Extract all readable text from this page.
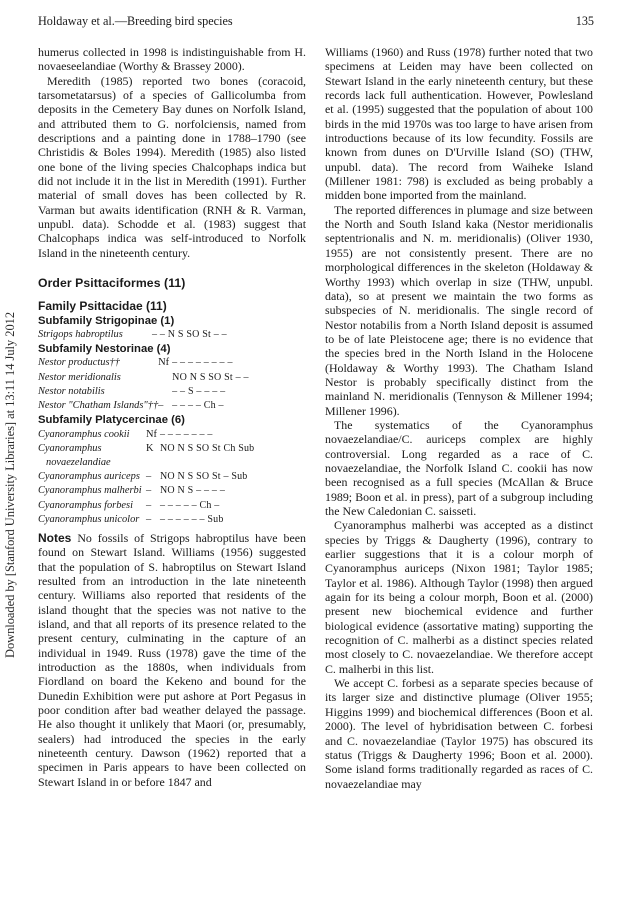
Holdaway et al.—Breeding bird species	135
Downloaded by [Stanford University Libraries] at 13:11 14 July 2012

humerus collected in 1998 is indistinguishable from H. novaeseelandiae (Worthy & Brassey 2000).

Meredith (1985) reported two bones (coracoid, tarsometatarsus) of a species of Gallicolumba from deposits in the Cemetery Bay dunes on Norfolk Island, and attributed them to G. norfolciensis, named from descriptions and a painting done in 1788–1790 (see Christidis & Boles 1994). Meredith (1985) also listed one bone of the living species Chalcophaps indica but did not include it in the list in Meredith (1991). Further material of small doves has been collected by R. Varman but awaits identification (RNH & R. Varman, unpubl. data). Schodde et al. (1983) suggest that Chalcophaps indica was self-introduced to Norfolk Island in the nineteenth century.

Order Psittaciformes (11)
Family Psittacidae (11)
Subfamily Strigopinae (1)
Strigops habroptilus		– – N S SO St – –
Subfamily Nestorinae (4)
Nestor productus††	Nf	– – – – – – – –
Nestor meridionalis		NO N S SO St – –
Nestor notabilis		– – S – – – –
Nestor "Chatham Islands"††	–	– – – – Ch –
Subfamily Platycercinae (6)
Cyanoramphus cookii	Nf	– – – – – – –
Cyanoramphus	K	NO N S SO St Ch Sub
novaezelandiae		
Cyanoramphus auriceps	–	NO N S SO St – Sub
Cyanoramphus malherbi	–	NO N S – – – –
Cyanoramphus forbesi	–	– – – – – Ch –
Cyanoramphus unicolor	–	– – – – – – Sub

Notes No fossils of Strigops habroptilus have been found on Stewart Island. Williams (1956) suggested that the population of S. habroptilus on Stewart Island resulted from an introduction in the late nineteenth century. Williams also reported that residents of the island thought that the species was not native to the island, and that all reports of its presence related to the present century, culminating in the capture of an individual in 1949. Russ (1978) gave the time of the introduction as the 1880s, when individuals from Fiordland on board the Kekeno and bound for the Dunedin Exhibition were put ashore at Port Pegasus in poor condition after bad weather delayed the passage. He also thought it unlikely that Maori (or, presumably, sealers) had introduced the species in the early nineteenth century. Dawson (1962) reported that a specimen in Paris appears to have been collected on Stewart Island in or before 1847 and

Williams (1960) and Russ (1978) further noted that two specimens at Leiden may have been collected on Stewart Island in the early nineteenth century, but these records lack full authentication. However, Powlesland et al. (1995) suggested that the population of about 100 birds in the mid 1970s was too large to have arisen from introductions because of its low fecundity. Fossils are known from dunes on D'Urville Island (SO) (THW, unpubl. data). The record from Waiheke Island (Millener 1981: 798) is excluded as being probably a midden bone imported from the mainland.

The reported differences in plumage and size between the North and South Island kaka (Nestor meridionalis septentrionalis and N. m. meridionalis) (Oliver 1930, 1955) are not consistently present. There are no morphological differences in the skeleton (Holdaway & Worthy 1993) which overlap in size (THW, unpubl. data), so at present we maintain the two forms as subspecies of N. meridionalis. The single record of Nestor notabilis from a North Island deposit is assumed to be of late Pleistocene age; there is no evidence that the species bred in the North Island in the Holocene (Holdaway & Worthy 1993). The Chatham Island Nestor is probably specifically distinct from the mainland N. meridionalis (Tennyson & Millener 1994; Millener 1996).

The systematics of the Cyanoramphus novaezelandiae/C. auriceps complex are highly controversial. Long regarded as a race of C. novaezelandiae, the Norfolk Island C. cookii has now been recognised as a full species (McAllan & Bruce 1989; Boon et al. in press), part of a subgroup including the New Caledonian C. saisseti.

Cyanoramphus malherbi was accepted as a distinct species by Triggs & Daugherty (1996), contrary to earlier suggestions that it is a colour morph of Cyanoramphus auriceps (Nixon 1981; Taylor 1985; Taylor et al. 1986). Although Taylor (1998) then argued again for its being a colour morph, Boon et al. (2000) present new biochemical evidence and further biological evidence (assortative mating) supporting the recognition of C. malherbi as a distinct species related most closely to C. novaezelandiae. We therefore accept C. malherbi in this list.

We accept C. forbesi as a separate species because of its larger size and distinctive plumage (Oliver 1955; Higgins 1999) and biochemical differences (Boon et al. 2000). The level of hybridisation between C. forbesi and C. novaezelandiae (Taylor 1975) has obscured its status (Triggs & Daugherty 1996; Boon et al. 2000). Some island forms traditionally regarded as races of C. novaezelandiae may
